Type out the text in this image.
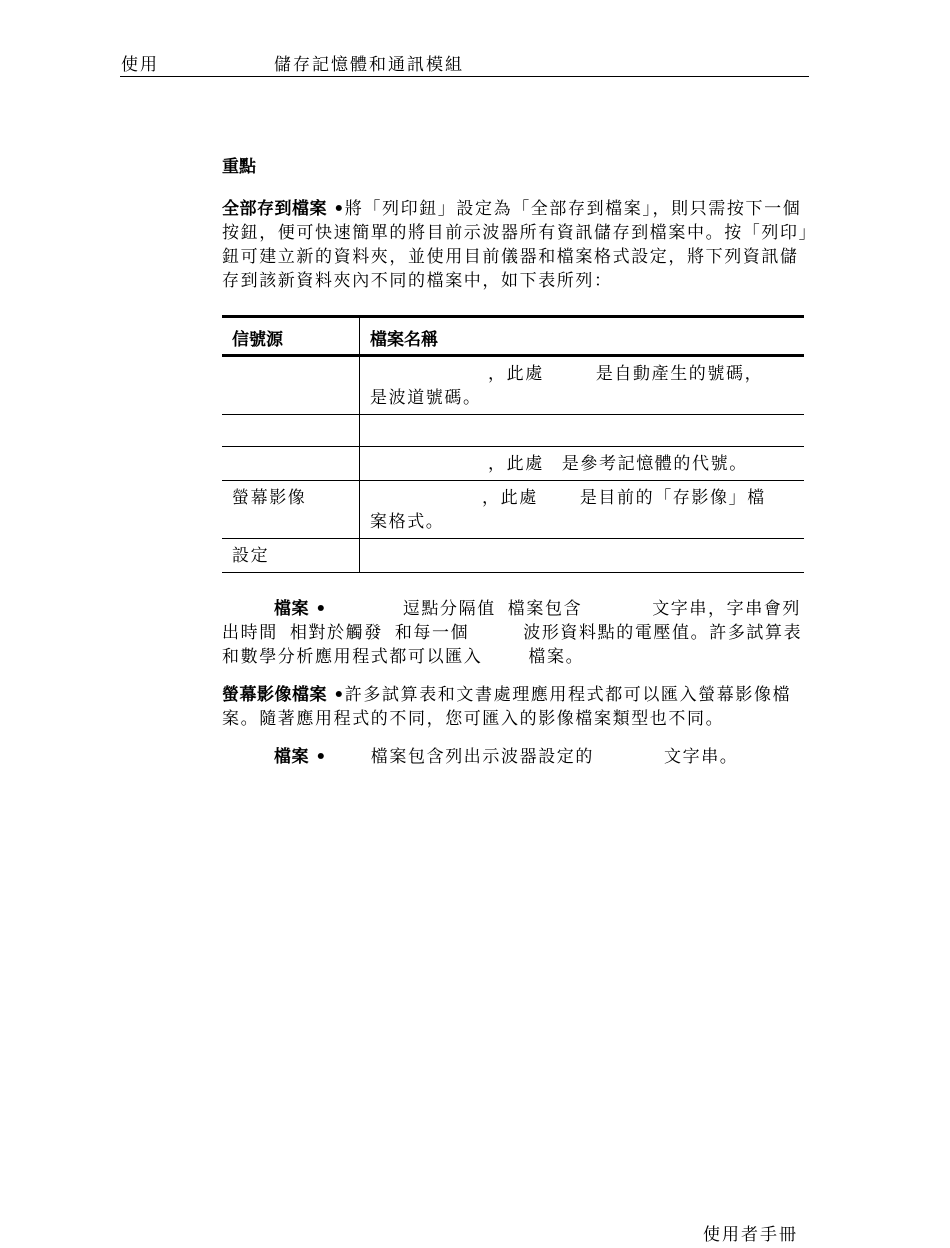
使用	儲存記憶體和通訊模組
重點

全部存到檔案 •將「列印鈕」設定為「全部存到檔案」，則只需按下一個按鈕，便可快速簡單的將目前示波器所有資訊儲存到檔案中。按「列印」鈕可建立新的資料夾，並使用目前儀器和檔案格式設定，將下列資訊儲存到該新資料夾內不同的檔案中，如下表所列：

信號源	檔案名稱
	，此處 是自動產生的號碼，
是波道號碼。

	，此處 是參考記憶體的代號。
螢幕影像	，此處 是目前的「存影像」檔
案格式。
設定	

檔案 •	逗點分隔值 檔案包含	文字串，字串會列出時間 相對於觸發 和每一個	波形資料點的電壓值。許多試算表和數學分析應用程式都可以匯入	檔案。

螢幕影像檔案 •許多試算表和文書處理應用程式都可以匯入螢幕影像檔案。隨著應用程式的不同，您可匯入的影像檔案類型也不同。

檔案 •	檔案包含列出示波器設定的	文字串。

使用者手冊
